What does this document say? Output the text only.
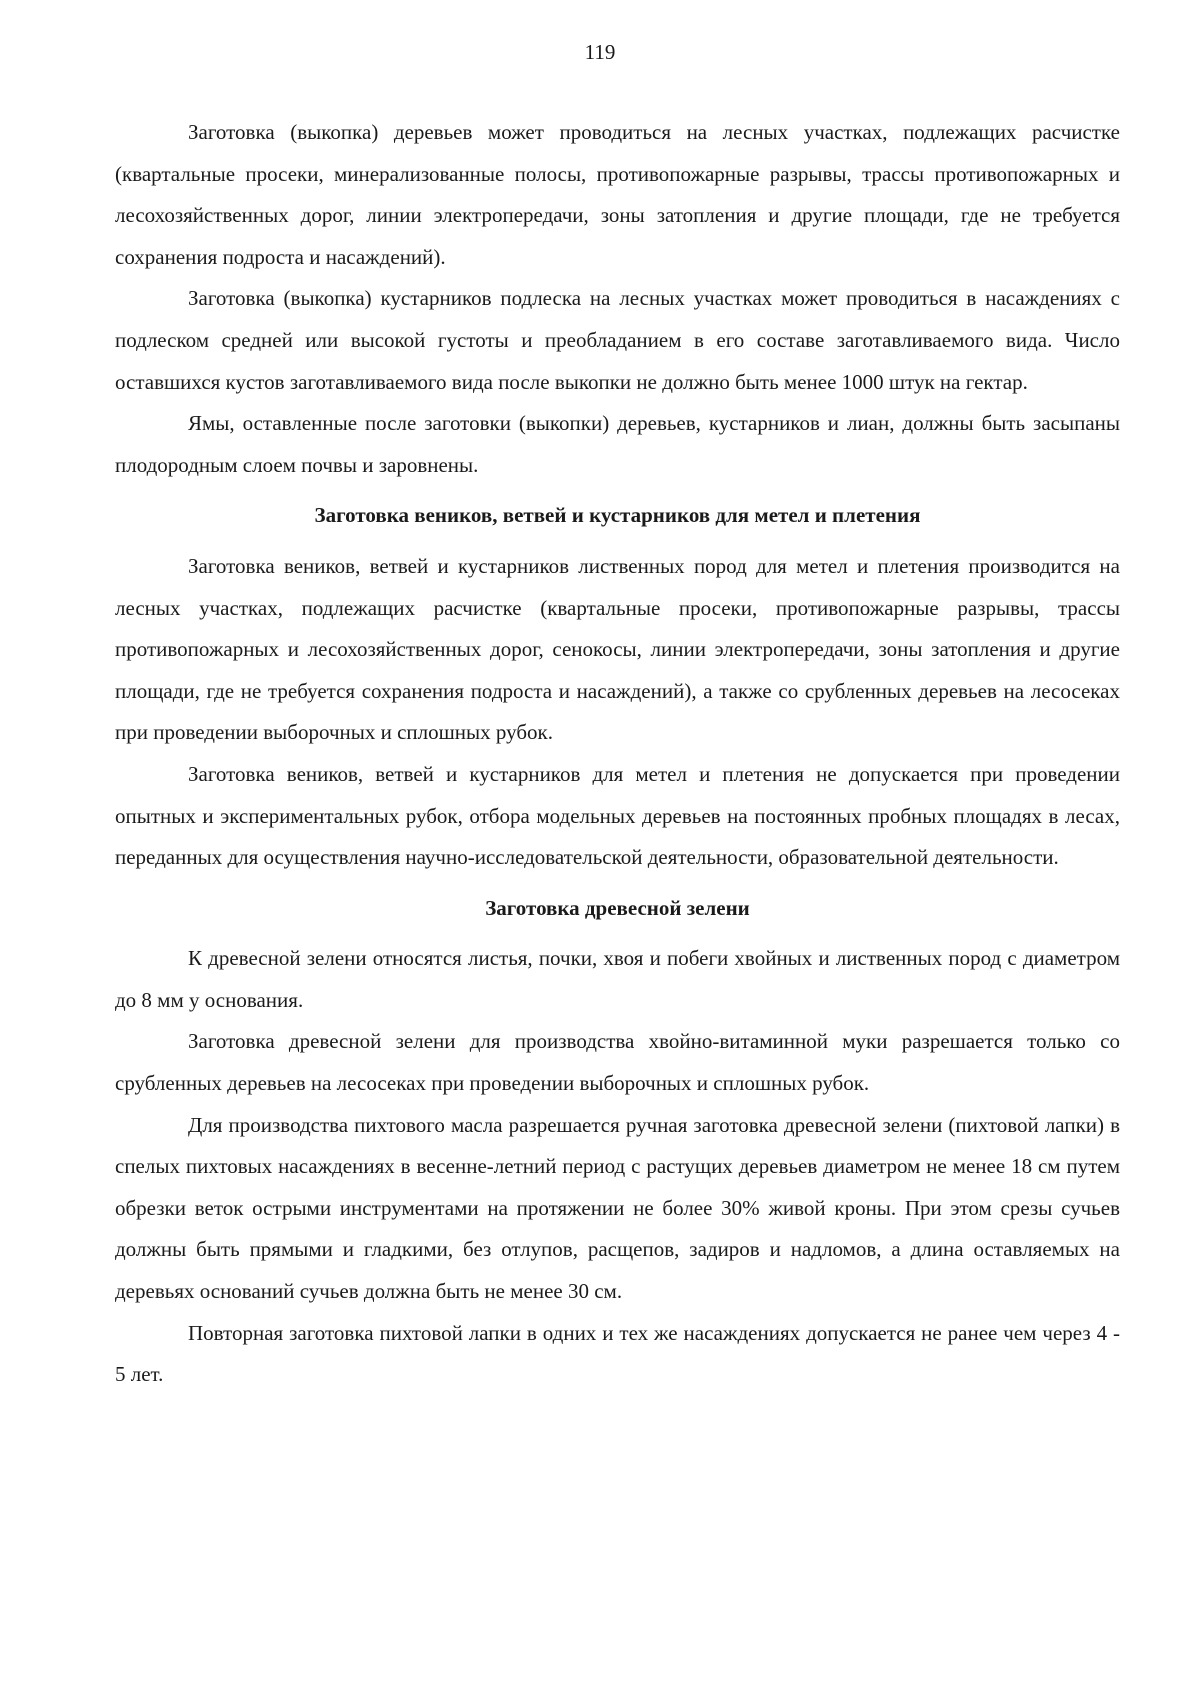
119

Заготовка (выкопка) деревьев может проводиться на лесных участках, подлежащих расчистке (квартальные просеки, минерализованные полосы, противопожарные разрывы, трассы противопожарных и лесохозяйственных дорог, линии электропередачи, зоны затопления и другие площади, где не требуется сохранения подроста и насаждений).

Заготовка (выкопка) кустарников подлеска на лесных участках может проводиться в насаждениях с подлеском средней или высокой густоты и преобладанием в его составе заготавливаемого вида. Число оставшихся кустов заготавливаемого вида после выкопки не должно быть менее 1000 штук на гектар.

Ямы, оставленные после заготовки (выкопки) деревьев, кустарников и лиан, должны быть засыпаны плодородным слоем почвы и заровнены.

Заготовка веников, ветвей и кустарников для метел и плетения

Заготовка веников, ветвей и кустарников лиственных пород для метел и плетения производится на лесных участках, подлежащих расчистке (квартальные просеки, противопожарные разрывы, трассы противопожарных и лесохозяйственных дорог, сенокосы, линии электропередачи, зоны затопления и другие площади, где не требуется сохранения подроста и насаждений), а также со срубленных деревьев на лесосеках при проведении выборочных и сплошных рубок.

Заготовка веников, ветвей и кустарников для метел и плетения не допускается при проведении опытных и экспериментальных рубок, отбора модельных деревьев на постоянных пробных площадях в лесах, переданных для осуществления научно-исследовательской деятельности, образовательной деятельности.

Заготовка древесной зелени

К древесной зелени относятся листья, почки, хвоя и побеги хвойных и лиственных пород с диаметром до 8 мм у основания.

Заготовка древесной зелени для производства хвойно-витаминной муки разрешается только со срубленных деревьев на лесосеках при проведении выборочных и сплошных рубок.

Для производства пихтового масла разрешается ручная заготовка древесной зелени (пихтовой лапки) в спелых пихтовых насаждениях в весенне-летний период с растущих деревьев диаметром не менее 18 см путем обрезки веток острыми инструментами на протяжении не более 30% живой кроны. При этом срезы сучьев должны быть прямыми и гладкими, без отлупов, расщепов, задиров и надломов, а длина оставляемых на деревьях оснований сучьев должна быть не менее 30 см.

Повторная заготовка пихтовой лапки в одних и тех же насаждениях допускается не ранее чем через 4 - 5 лет.
